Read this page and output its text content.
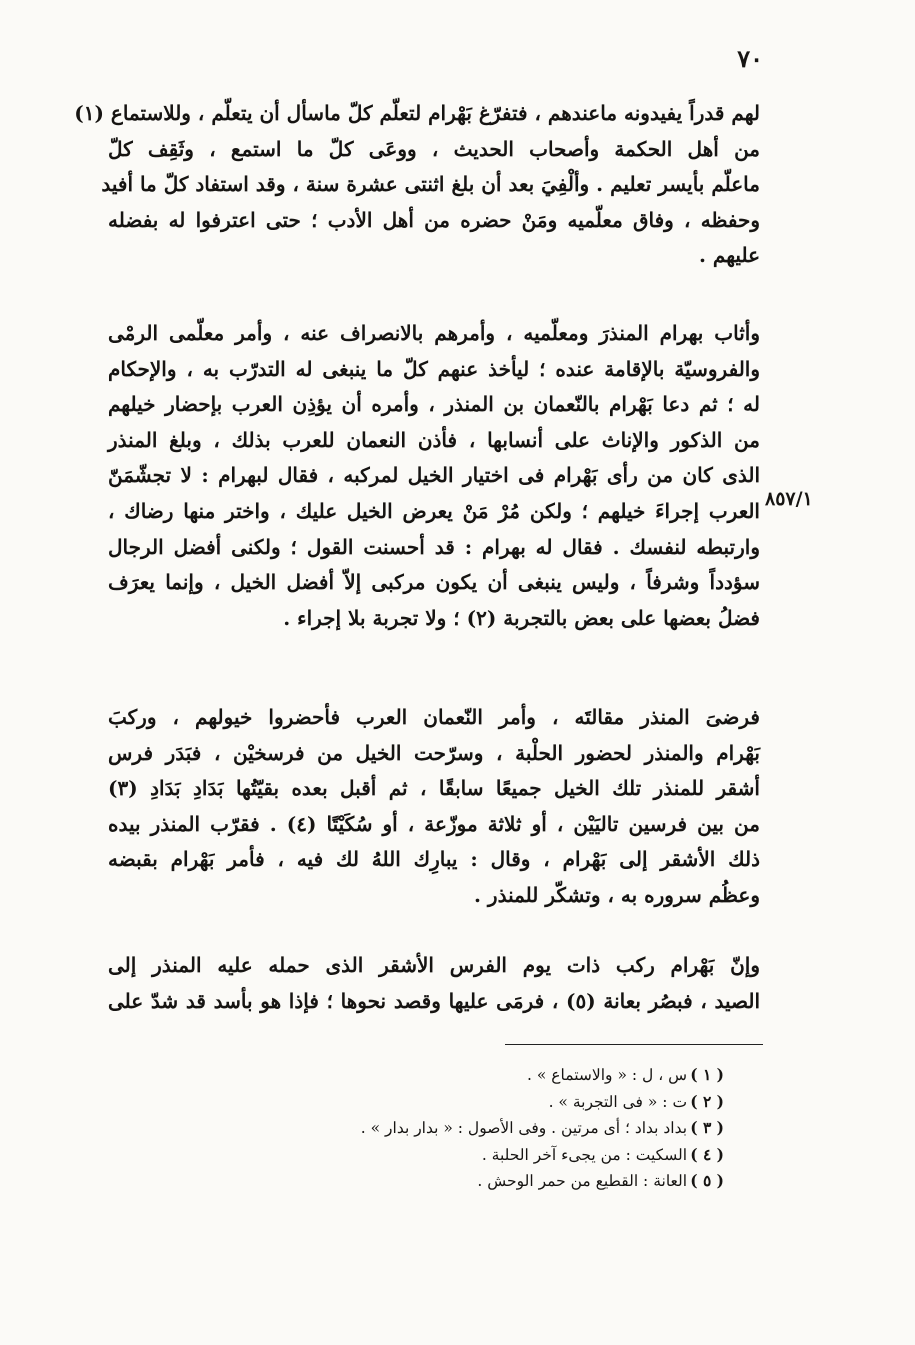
٧٠
٨٥٧/١
لهم قدراً يفيدونه ماعندهم ، فتفرّغ بَهْرام لتعلّم كلّ ماسأل أن يتعلّم ، وللاستماع (١)
من أهل الحكمة وأصحاب الحديث ، ووعَى كلّ ما استمع ، وثَقِف كلّ
ماعلّم بأيسر تعليم . وألْفِيَ بعد أن بلغ اثنتى عشرة سنة ، وقد استفاد كلّ ما أفيد
وحفظه ، وفاق معلّميه ومَنْ حضره من أهل الأدب ؛ حتى اعترفوا له بفضله
عليهم .
وأثاب بهرام المنذرَ ومعلّميه ، وأمرهم بالانصراف عنه ، وأمر معلّمى الرمْى
والفروسيّة بالإقامة عنده ؛ ليأخذ عنهم كلّ ما ينبغى له التدرّب به ، والإحكام
له ؛ ثم دعا بَهْرام بالنّعمان بن المنذر ، وأمره أن يؤذِن العرب بإحضار خيلهم
من الذكور والإناث على أنسابها ، فأذن النعمان للعرب بذلك ، وبلغ المنذر
الذى كان من رأى بَهْرام فى اختيار الخيل لمركبه ، فقال لبهرام : لا تجشّمَنّ
العرب إجراءَ خيلهم ؛ ولكن مُرْ مَنْ يعرض الخيل عليك ، واختر منها رضاك ،
وارتبطه لنفسك . فقال له بهرام : قد أحسنت القول ؛ ولكنى أفضل الرجال
سؤدداً وشرفاً ، وليس ينبغى أن يكون مركبى إلاّ أفضل الخيل ، وإنما يعرَف
فضلُ بعضها على بعض بالتجربة (٢) ؛ ولا تجربة بلا إجراء .
فرضىَ المنذر مقالتَه ، وأمر النّعمان العرب فأحضروا خيولهم ، وركبَ
بَهْرام والمنذر لحضور الحلْبة ، وسرّحت الخيل من فرسخيْن ، فبَدَر فرس
أشقر للمنذر تلك الخيل جميعًا سابقًا ، ثم أقبل بعده بقيّتُها بَدَادِ بَدَادِ (٣)
من بين فرسين تاليَيْن ، أو ثلاثة موزّعة ، أو سُكَيْتًا (٤) . فقرّب المنذر بيده
ذلك الأشقر إلى بَهْرام ، وقال : يبارِك اللهُ لك فيه ، فأمر بَهْرام بقبضه
وعظُم سروره به ، وتشكّر للمنذر .
وإنّ بَهْرام ركب ذات يوم الفرس الأشقر الذى حمله عليه المنذر إلى
الصيد ، فبصُر بعانة (٥) ، فرمَى عليها وقصد نحوها ؛ فإذا هو بأسد قد شدّ على
( ١ ) س ، ل : « والاستماع » .
( ٢ ) ت : « فى التجربة » .
( ٣ ) بداد بداد ؛ أى مرتين . وفى الأصول : « بدار بدار » .
( ٤ ) السكيت : من يجىء آخر الحلبة .
( ٥ ) العانة : القطيع من حمر الوحش .
